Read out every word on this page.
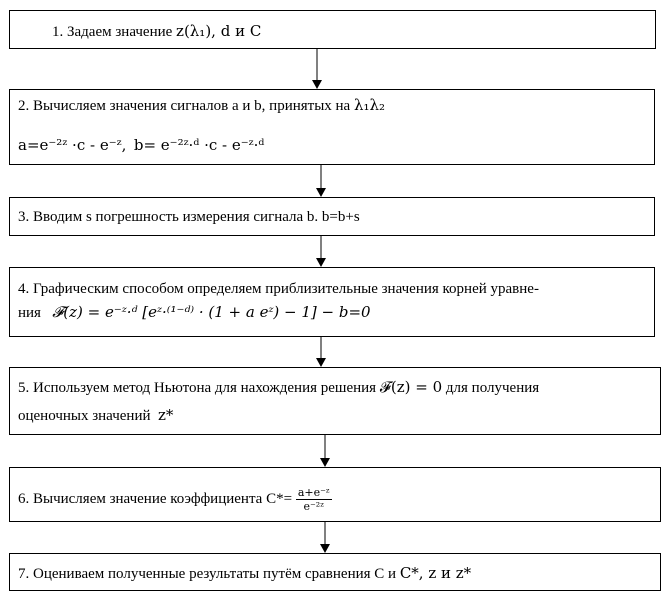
1. Задаем значение z(λ₁), d и C
2. Вычисляем значения сигналов a и b, принятых на λ₁λ₂
a=e⁻²ᶻ ·c - e⁻ᶻ, b= e⁻²ᶻ·ᵈ ·c - e⁻ᶻ·ᵈ
3. Вводим s погрешность измерения сигнала b. b=b+s
4. Графическим способом определяем приблизительные значения корней уравне-
ния 𝓕(z) = e⁻ᶻ·ᵈ [eᶻ·⁽¹⁻ᵈ⁾ · (1 + a eᶻ) − 1] − b=0
5. Используем метод Ньютона для нахождения решения 𝓕(z) = 0 для получения
оценочных значений z*
6. Вычисляем значение коэффициента $С*= \frac{\text{a+e⁻ᶻ}}{\text{e⁻²ᶻ}}$
7. Оцениваем полученные результаты путём сравнения С и C*, z и z*
